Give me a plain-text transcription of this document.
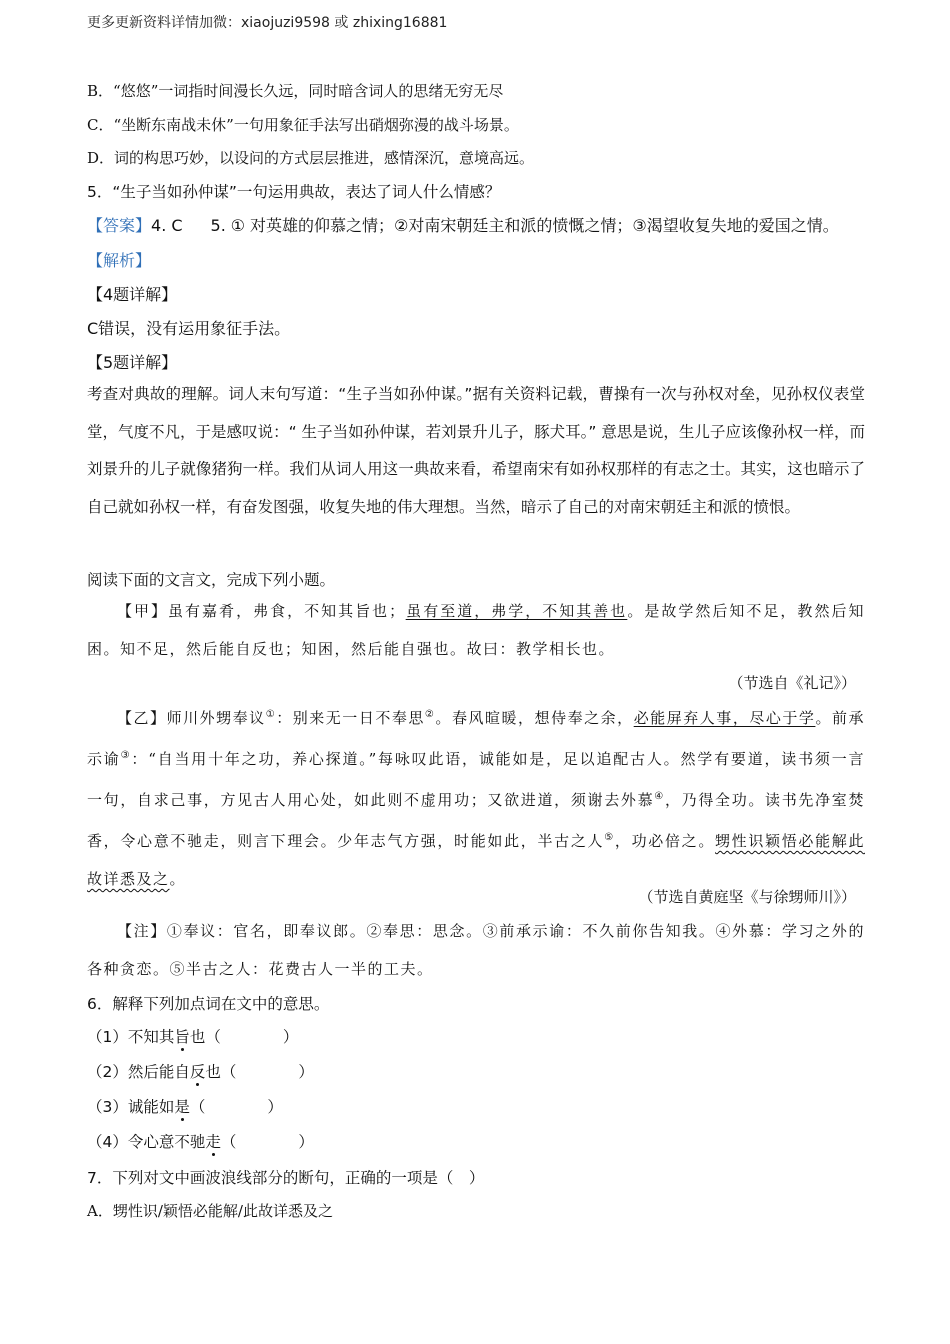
更多更新资料详情加微：xiaojuzi9598 或 zhixing16881
B．“悠悠”一词指时间漫长久远，同时暗含词人的思绪无穷无尽
C．“坐断东南战未休”一句用象征手法写出硝烟弥漫的战斗场景。
D．词的构思巧妙，以设问的方式层层推进，感情深沉，意境高远。
5．“生子当如孙仲谋”一句运用典故，表达了词人什么情感？
【答案】4. C 5. ① 对英雄的仰慕之情；②对南宋朝廷主和派的愤慨之情；③渴望收复失地的爱国之情。
【解析】
【4题详解】
C错误，没有运用象征手法。
【5题详解】
考查对典故的理解。词人末句写道：“生子当如孙仲谋。”据有关资料记载，曹操有一次与孙权对垒，见孙权仪表堂堂，气度不凡，于是感叹说：“ 生子当如孙仲谋，若刘景升儿子，豚犬耳。” 意思是说，生儿子应该像孙权一样，而刘景升的儿子就像猪狗一样。我们从词人用这一典故来看，希望南宋有如孙权那样的有志之士。其实，这也暗示了自己就如孙权一样，有奋发图强，收复失地的伟大理想。当然，暗示了自己的对南宋朝廷主和派的愤恨。
阅读下面的文言文，完成下列小题。
【甲】虽有嘉肴，弗食，不知其旨也；虽有至道，弗学，不知其善也。是故学然后知不足，教然后知困。知不足，然后能自反也；知困，然后能自强也。故曰：教学相长也。
（节选自《礼记》）
【乙】师川外甥奉议①：别来无一日不奉思②。春风暄暖，想侍奉之余，必能屏弃人事，尽心于学。前承示谕③：“自当用十年之功，养心探道。”每咏叹此语，诚能如是，足以追配古人。然学有要道，读书须一言一句，自求己事，方见古人用心处，如此则不虚用功；又欲进道，须谢去外慕④，乃得全功。读书先净室焚香，令心意不驰走，则言下理会。少年志气方强，时能如此，半古之人⑤，功必倍之。甥性识颖悟必能解此故详悉及之。
（节选自黄庭坚《与徐甥师川》）
【注】①奉议：官名，即奉议郎。②奉思：思念。③前承示谕：不久前你告知我。④外慕：学习之外的各种贪恋。⑤半古之人：花费古人一半的工夫。
6．解释下列加点词在文中的意思。
（1）不知其旨也（　　　　）
（2）然后能自反也（　　　　）
（3）诚能如是（　　　　）
（4）令心意不驰走（　　　　）
7．下列对文中画波浪线部分的断句，正确的一项是（　）
A．甥性识/颖悟必能解/此故详悉及之
